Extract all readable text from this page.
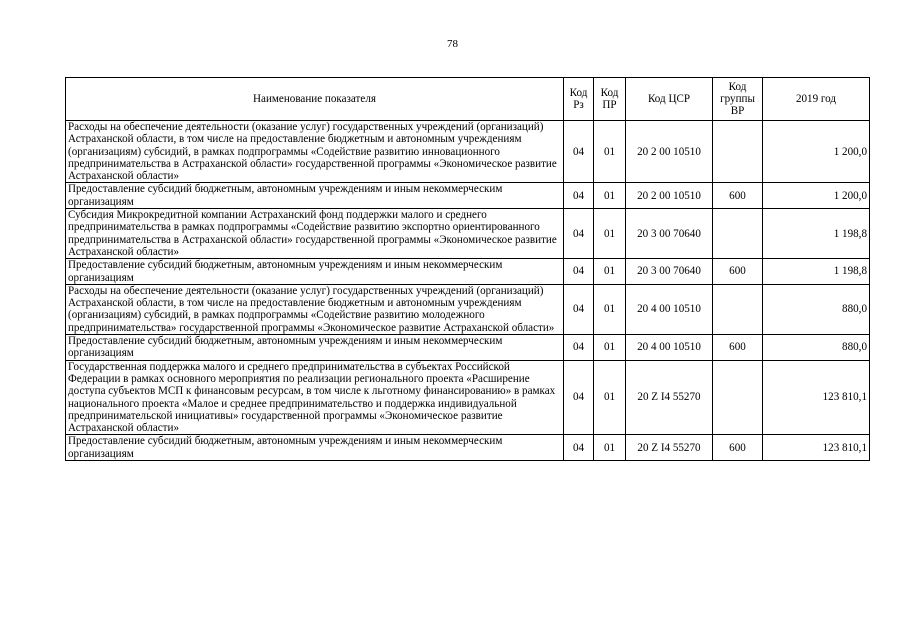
78
Наименование показателя	Код Рз	Код ПР	Код ЦСР	Код группы ВР	2019 год
Расходы на обеспечение деятельности (оказание услуг) государственных учреждений (организаций) Астраханской области, в том числе на предоставление бюджетным и автономным учреждениям (организациям) субсидий, в рамках подпрограммы «Содействие развитию инновационного предпринимательства в Астраханской области» государственной программы «Экономическое развитие Астраханской области»	04	01	20 2 00 10510		1 200,0
Предоставление субсидий бюджетным, автономным учреждениям и иным некоммерческим организациям	04	01	20 2 00 10510	600	1 200,0
Субсидия Микрокредитной компании Астраханский фонд поддержки малого и среднего предпринимательства в рамках подпрограммы «Содействие развитию экспортно ориентированного предпринимательства в Астраханской области» государственной программы «Экономическое развитие Астраханской области»	04	01	20 3 00 70640		1 198,8
Предоставление субсидий бюджетным, автономным учреждениям и иным некоммерческим организациям	04	01	20 3 00 70640	600	1 198,8
Расходы на обеспечение деятельности (оказание услуг) государственных учреждений (организаций) Астраханской области, в том числе на предоставление бюджетным и автономным учреждениям (организациям) субсидий, в рамках подпрограммы «Содействие развитию молодежного предпринимательства» государственной программы «Экономическое развитие Астраханской области»	04	01	20 4 00 10510		880,0
Предоставление субсидий бюджетным, автономным учреждениям и иным некоммерческим организациям	04	01	20 4 00 10510	600	880,0
Государственная поддержка малого и среднего предпринимательства в субъектах Российской Федерации в рамках основного мероприятия по реализации регионального проекта «Расширение доступа субъектов МСП к финансовым ресурсам, в том числе к льготному финансированию» в рамках национального проекта «Малое и среднее предпринимательство и поддержка индивидуальной предпринимательской инициативы» государственной программы «Экономическое развитие Астраханской области»	04	01	20 Z I4 55270		123 810,1
Предоставление субсидий бюджетным, автономным учреждениям и иным некоммерческим организациям	04	01	20 Z I4 55270	600	123 810,1
